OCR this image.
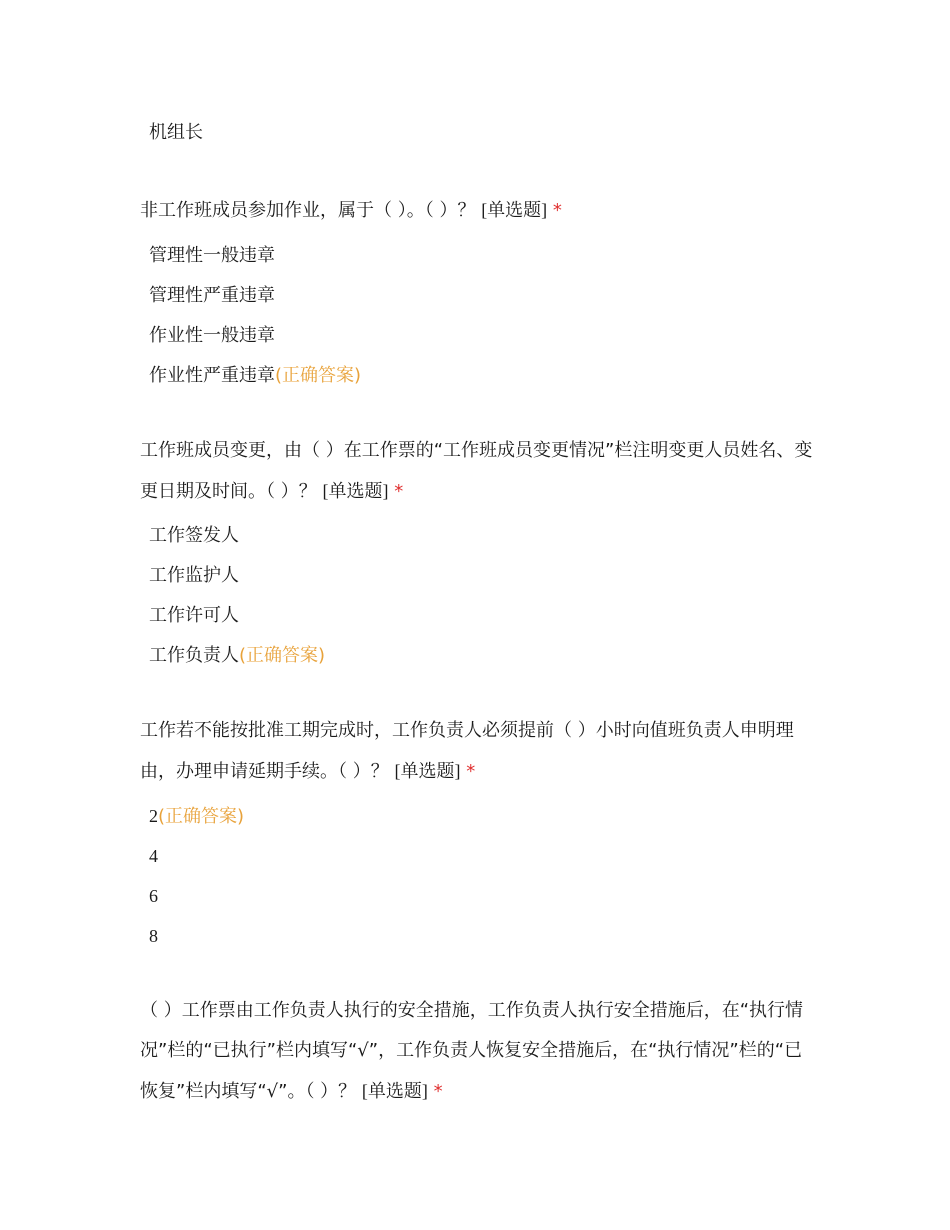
机组长
非工作班成员参加作业，属于（ ）。（ ）？ [单选题] *
管理性一般违章
管理性严重违章
作业性一般违章
作业性严重违章(正确答案)
工作班成员变更，由（ ）在工作票的“工作班成员变更情况”栏注明变更人员姓名、变更日期及时间。（ ）？ [单选题] *
工作签发人
工作监护人
工作许可人
工作负责人(正确答案)
工作若不能按批准工期完成时，工作负责人必须提前（ ）小时向值班负责人申明理由，办理申请延期手续。（ ）？ [单选题] *
2(正确答案)
4
6
8
（ ）工作票由工作负责人执行的安全措施，工作负责人执行安全措施后，在“执行情况”栏的“已执行”栏内填写“√”，工作负责人恢复安全措施后，在“执行情况”栏的“已恢复”栏内填写“√”。（ ）？ [单选题] *
